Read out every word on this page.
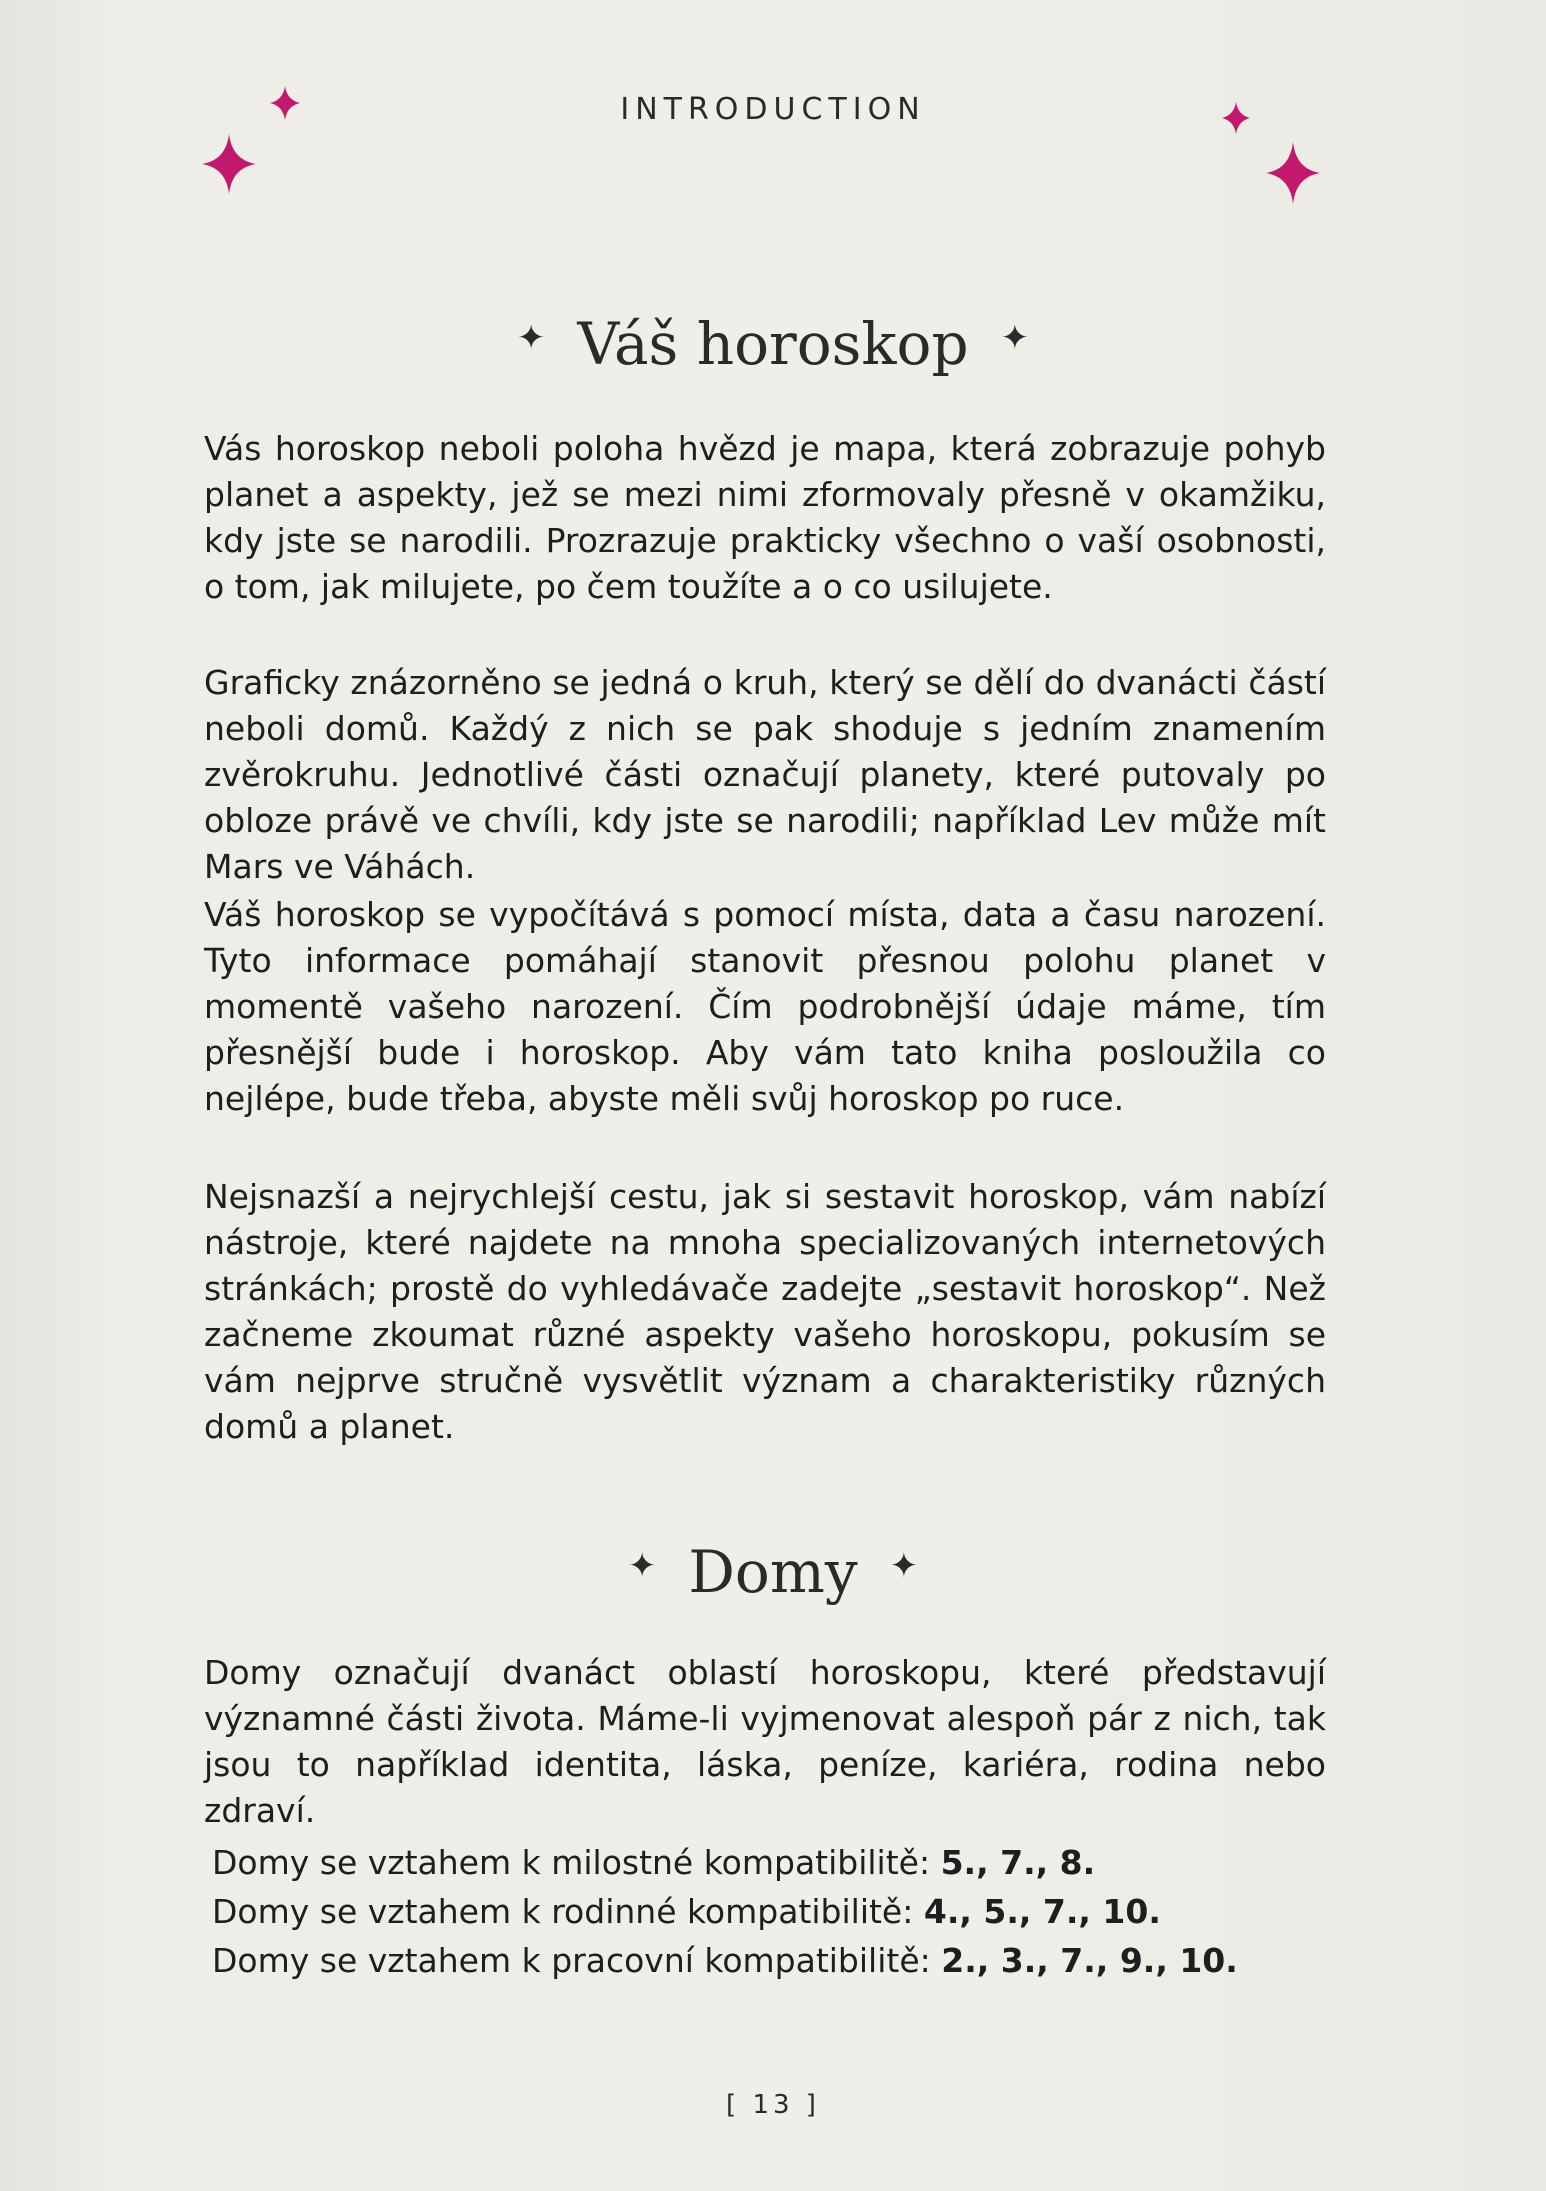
INTRODUCTION
✦ Váš horoskop ✦

Vás horoskop neboli poloha hvězd je mapa, která zobrazuje pohyb planet a aspekty, jež se mezi nimi zformovaly přesně v okamžiku, kdy jste se narodili. Prozrazuje prakticky všechno o vaší osobnosti, o tom, jak milujete, po čem toužíte a o co usilujete.

Graficky znázorněno se jedná o kruh, který se dělí do dvanácti částí neboli domů. Každý z nich se pak shoduje s jedním znamením zvěrokruhu. Jednotlivé části označují planety, které putovaly po obloze právě ve chvíli, kdy jste se narodili; například Lev může mít Mars ve Váhách.

Váš horoskop se vypočítává s pomocí místa, data a času narození. Tyto informace pomáhají stanovit přesnou polohu planet v momentě vašeho narození. Čím podrobnější údaje máme, tím přesnější bude i horoskop. Aby vám tato kniha posloužila co nejlépe, bude třeba, abyste měli svůj horoskop po ruce.

Nejsnazší a nejrychlejší cestu, jak si sestavit horoskop, vám nabízí nástroje, které najdete na mnoha specializovaných internetových stránkách; prostě do vyhledávače zadejte „sestavit horoskop“. Než začneme zkoumat různé aspekty vašeho horoskopu, pokusím se vám nejprve stručně vysvětlit význam a charakteristiky různých domů a planet.

✦ Domy ✦

Domy označují dvanáct oblastí horoskopu, které představují významné části života. Máme-li vyjmenovat alespoň pár z nich, tak jsou to například identita, láska, peníze, kariéra, rodina nebo zdraví.

Domy se vztahem k milostné kompatibilitě: 5., 7., 8.
Domy se vztahem k rodinné kompatibilitě: 4., 5., 7., 10.
Domy se vztahem k pracovní kompatibilitě: 2., 3., 7., 9., 10.
[ 13 ]
